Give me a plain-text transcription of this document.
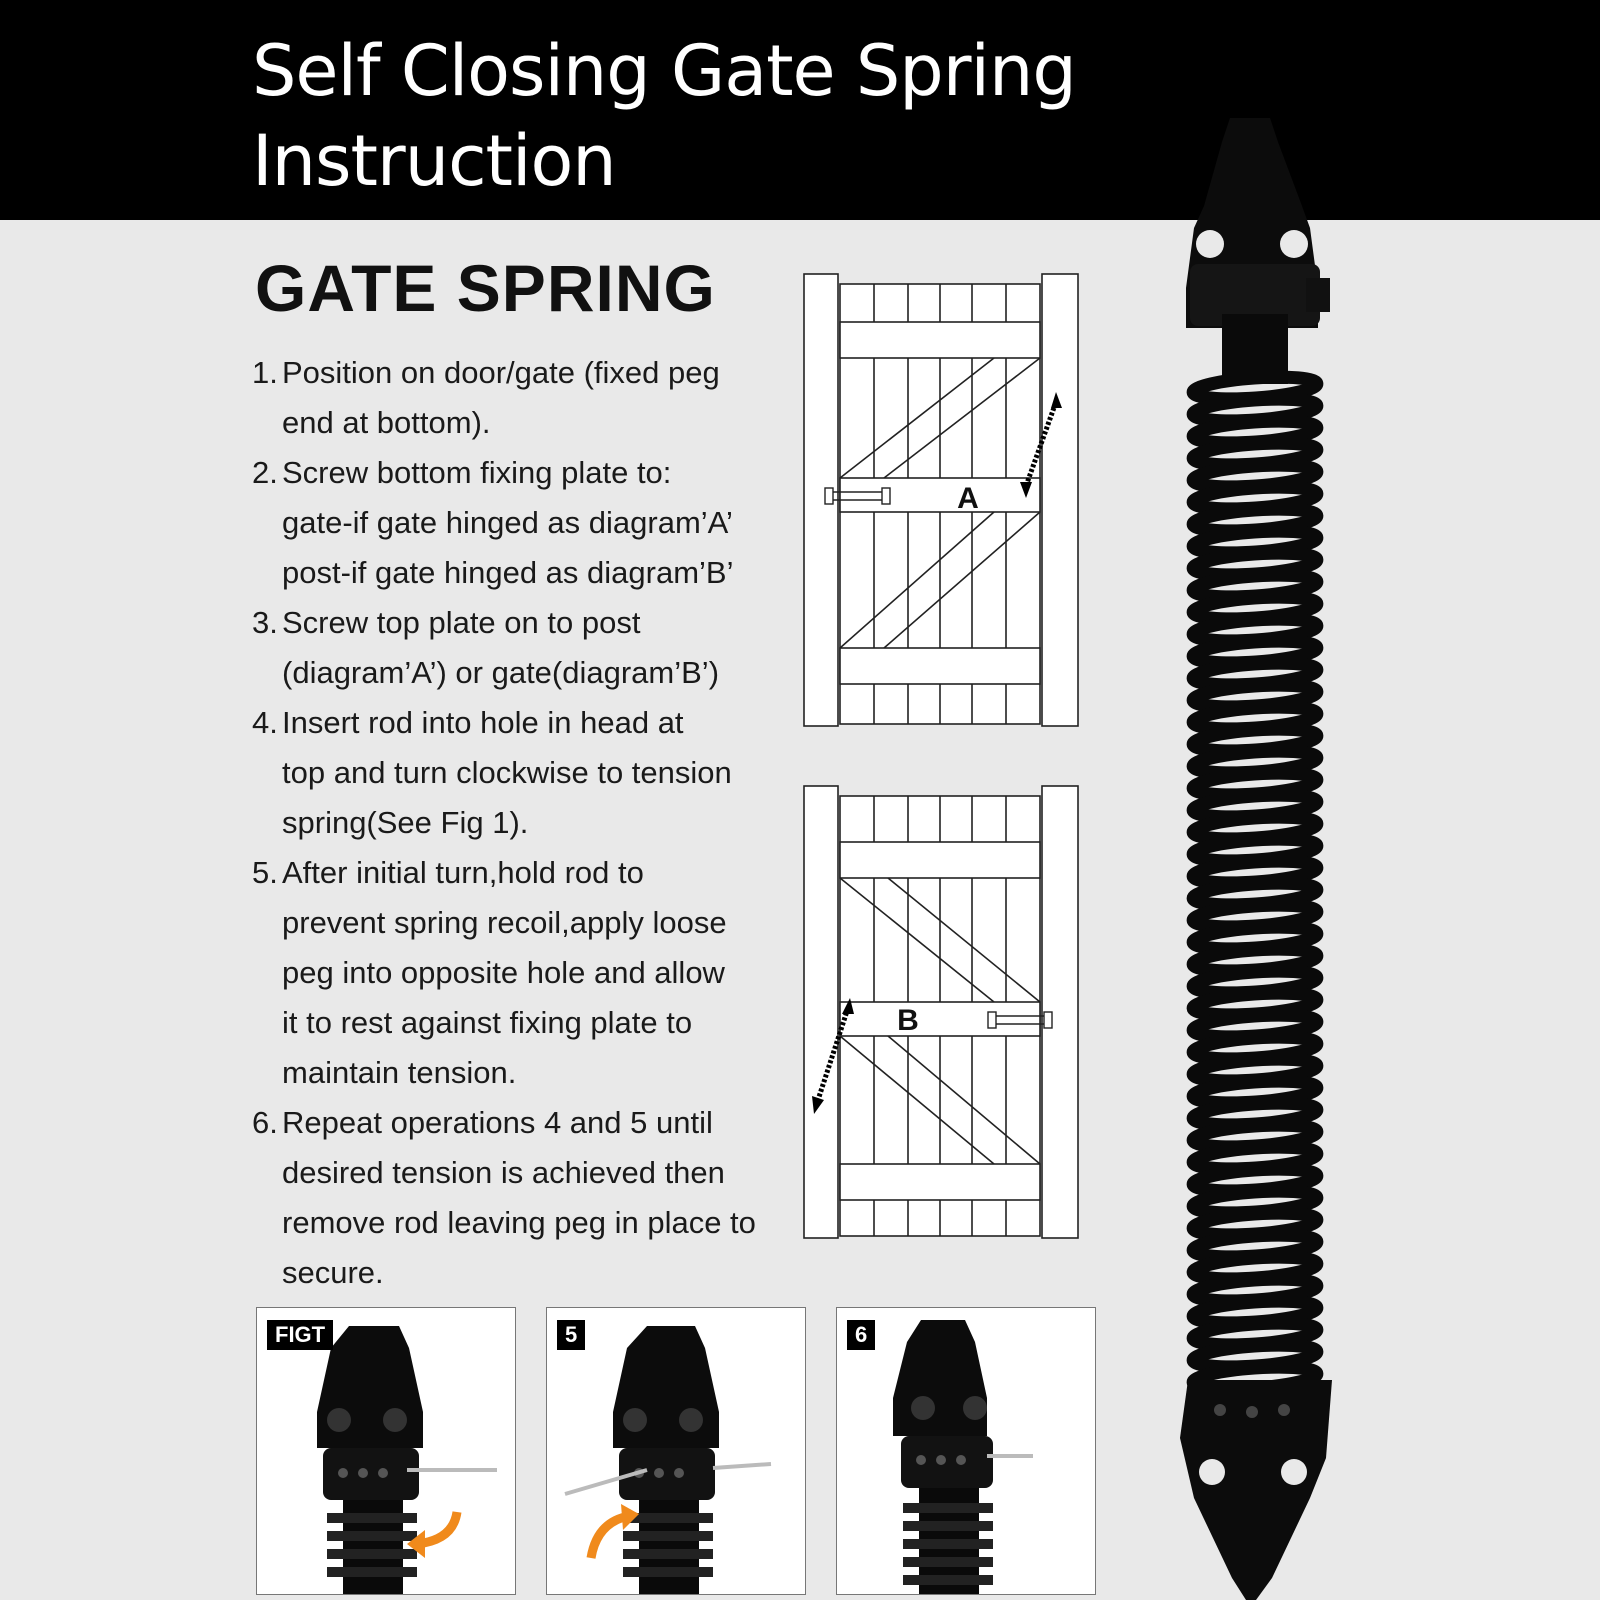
Self Closing Gate Spring
Instruction
GATE SPRING
1. Position on door/gate (fixed peg
end at bottom).
2. Screw bottom fixing plate to:
gate-if gate hinged as diagram’A’
post-if gate hinged as diagram’B’
3. Screw top plate on to post
(diagram’A’) or gate(diagram’B’)
4. Insert rod into hole in head at
top and turn clockwise to tension
spring(See Fig 1).
5. After initial turn,hold rod to
prevent spring recoil,apply loose
peg into opposite hole and allow
it to rest against fixing plate to
maintain tension.
6. Repeat operations 4 and 5 until
desired tension is achieved then
remove rod leaving peg in place to
secure.
A
B
FIGT	5	6
